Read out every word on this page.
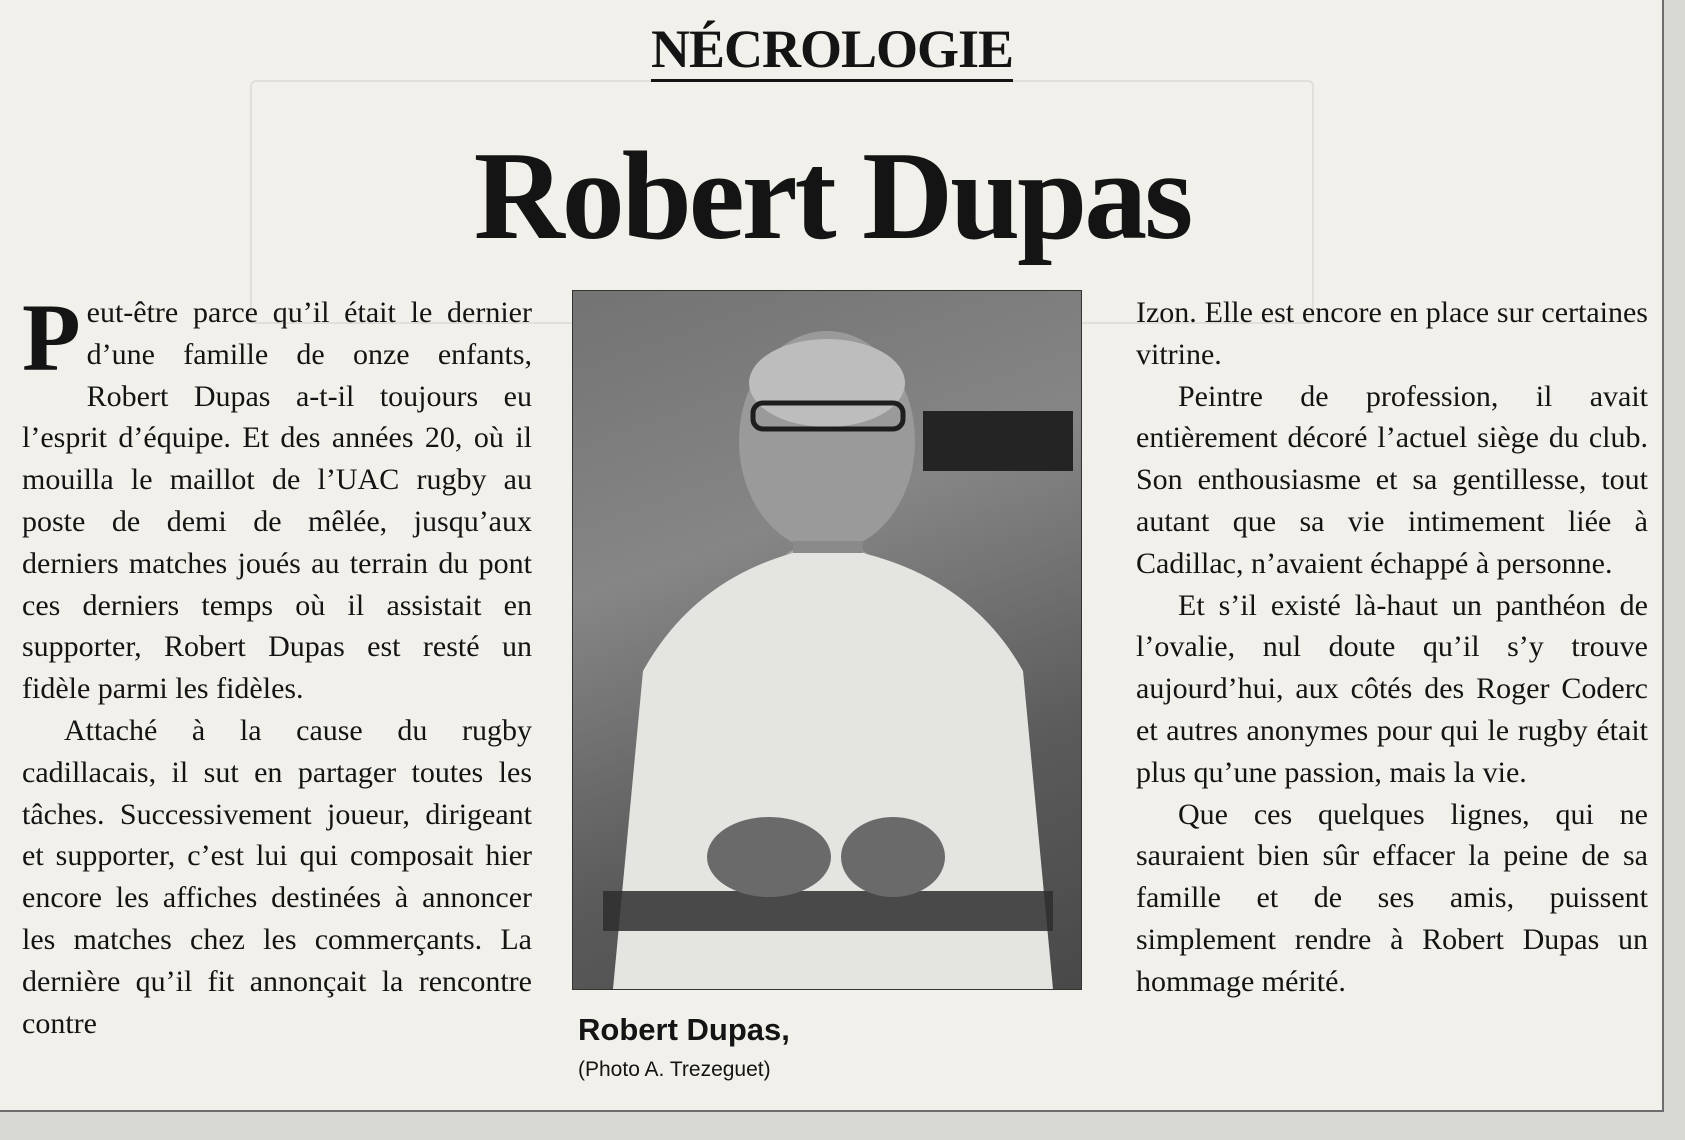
NÉCROLOGIE
Robert Dupas

Peut-être parce qu’il était le dernier d’une famille de onze enfants, Robert Dupas a-t-il toujours eu l’esprit d’équipe. Et des années 20, où il mouilla le maillot de l’UAC rugby au poste de demi de mêlée, jusqu’aux derniers matches joués au terrain du pont ces derniers temps où il assistait en supporter, Robert Dupas est resté un fidèle parmi les fidèles.

Attaché à la cause du rugby cadillacais, il sut en partager toutes les tâches. Successivement joueur, dirigeant et supporter, c’est lui qui composait hier encore les affiches destinées à annoncer les matches chez les commerçants. La dernière qu’il fit annonçait la rencontre contre	Robert Dupas,
(Photo A. Trezeguet)

Izon. Elle est encore en place sur certaines vitrine.

Peintre de profession, il avait entièrement décoré l’actuel siège du club. Son enthousiasme et sa gentillesse, tout autant que sa vie intimement liée à Cadillac, n’avaient échappé à personne.

Et s’il existé là-haut un panthéon de l’ovalie, nul doute qu’il s’y trouve aujourd’hui, aux côtés des Roger Coderc et autres anonymes pour qui le rugby était plus qu’une passion, mais la vie.

Que ces quelques lignes, qui ne sauraient bien sûr effacer la peine de sa famille et de ses amis, puissent simplement rendre à Robert Dupas un hommage mérité.
